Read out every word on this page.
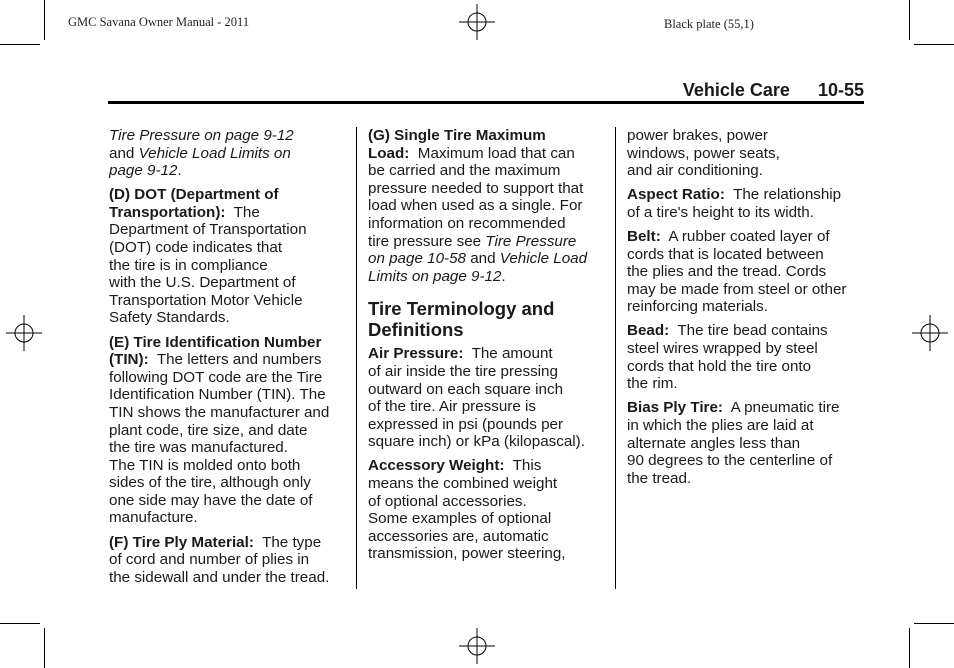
GMC Savana Owner Manual - 2011	Black plate (55,1)
Vehicle Care 10-55

Tire Pressure on page 9-12
and Vehicle Load Limits on
page 9-12.

(D) DOT (Department of
Transportation): The
Department of Transportation
(DOT) code indicates that
the tire is in compliance
with the U.S. Department of
Transportation Motor Vehicle
Safety Standards.

(E) Tire Identification Number
(TIN): The letters and numbers
following DOT code are the Tire
Identification Number (TIN). The
TIN shows the manufacturer and
plant code, tire size, and date
the tire was manufactured.
The TIN is molded onto both
sides of the tire, although only
one side may have the date of
manufacture.

(F) Tire Ply Material: The type
of cord and number of plies in
the sidewall and under the tread.

(G) Single Tire Maximum
Load: Maximum load that can
be carried and the maximum
pressure needed to support that
load when used as a single. For
information on recommended
tire pressure see Tire Pressure
on page 10-58 and Vehicle Load
Limits on page 9-12.

Tire Terminology and
Definitions

Air Pressure: The amount
of air inside the tire pressing
outward on each square inch
of the tire. Air pressure is
expressed in psi (pounds per
square inch) or kPa (kilopascal).

Accessory Weight: This
means the combined weight
of optional accessories.
Some examples of optional
accessories are, automatic
transmission, power steering,

power brakes, power
windows, power seats,
and air conditioning.

Aspect Ratio: The relationship
of a tire's height to its width.

Belt: A rubber coated layer of
cords that is located between
the plies and the tread. Cords
may be made from steel or other
reinforcing materials.

Bead: The tire bead contains
steel wires wrapped by steel
cords that hold the tire onto
the rim.

Bias Ply Tire: A pneumatic tire
in which the plies are laid at
alternate angles less than
90 degrees to the centerline of
the tread.
